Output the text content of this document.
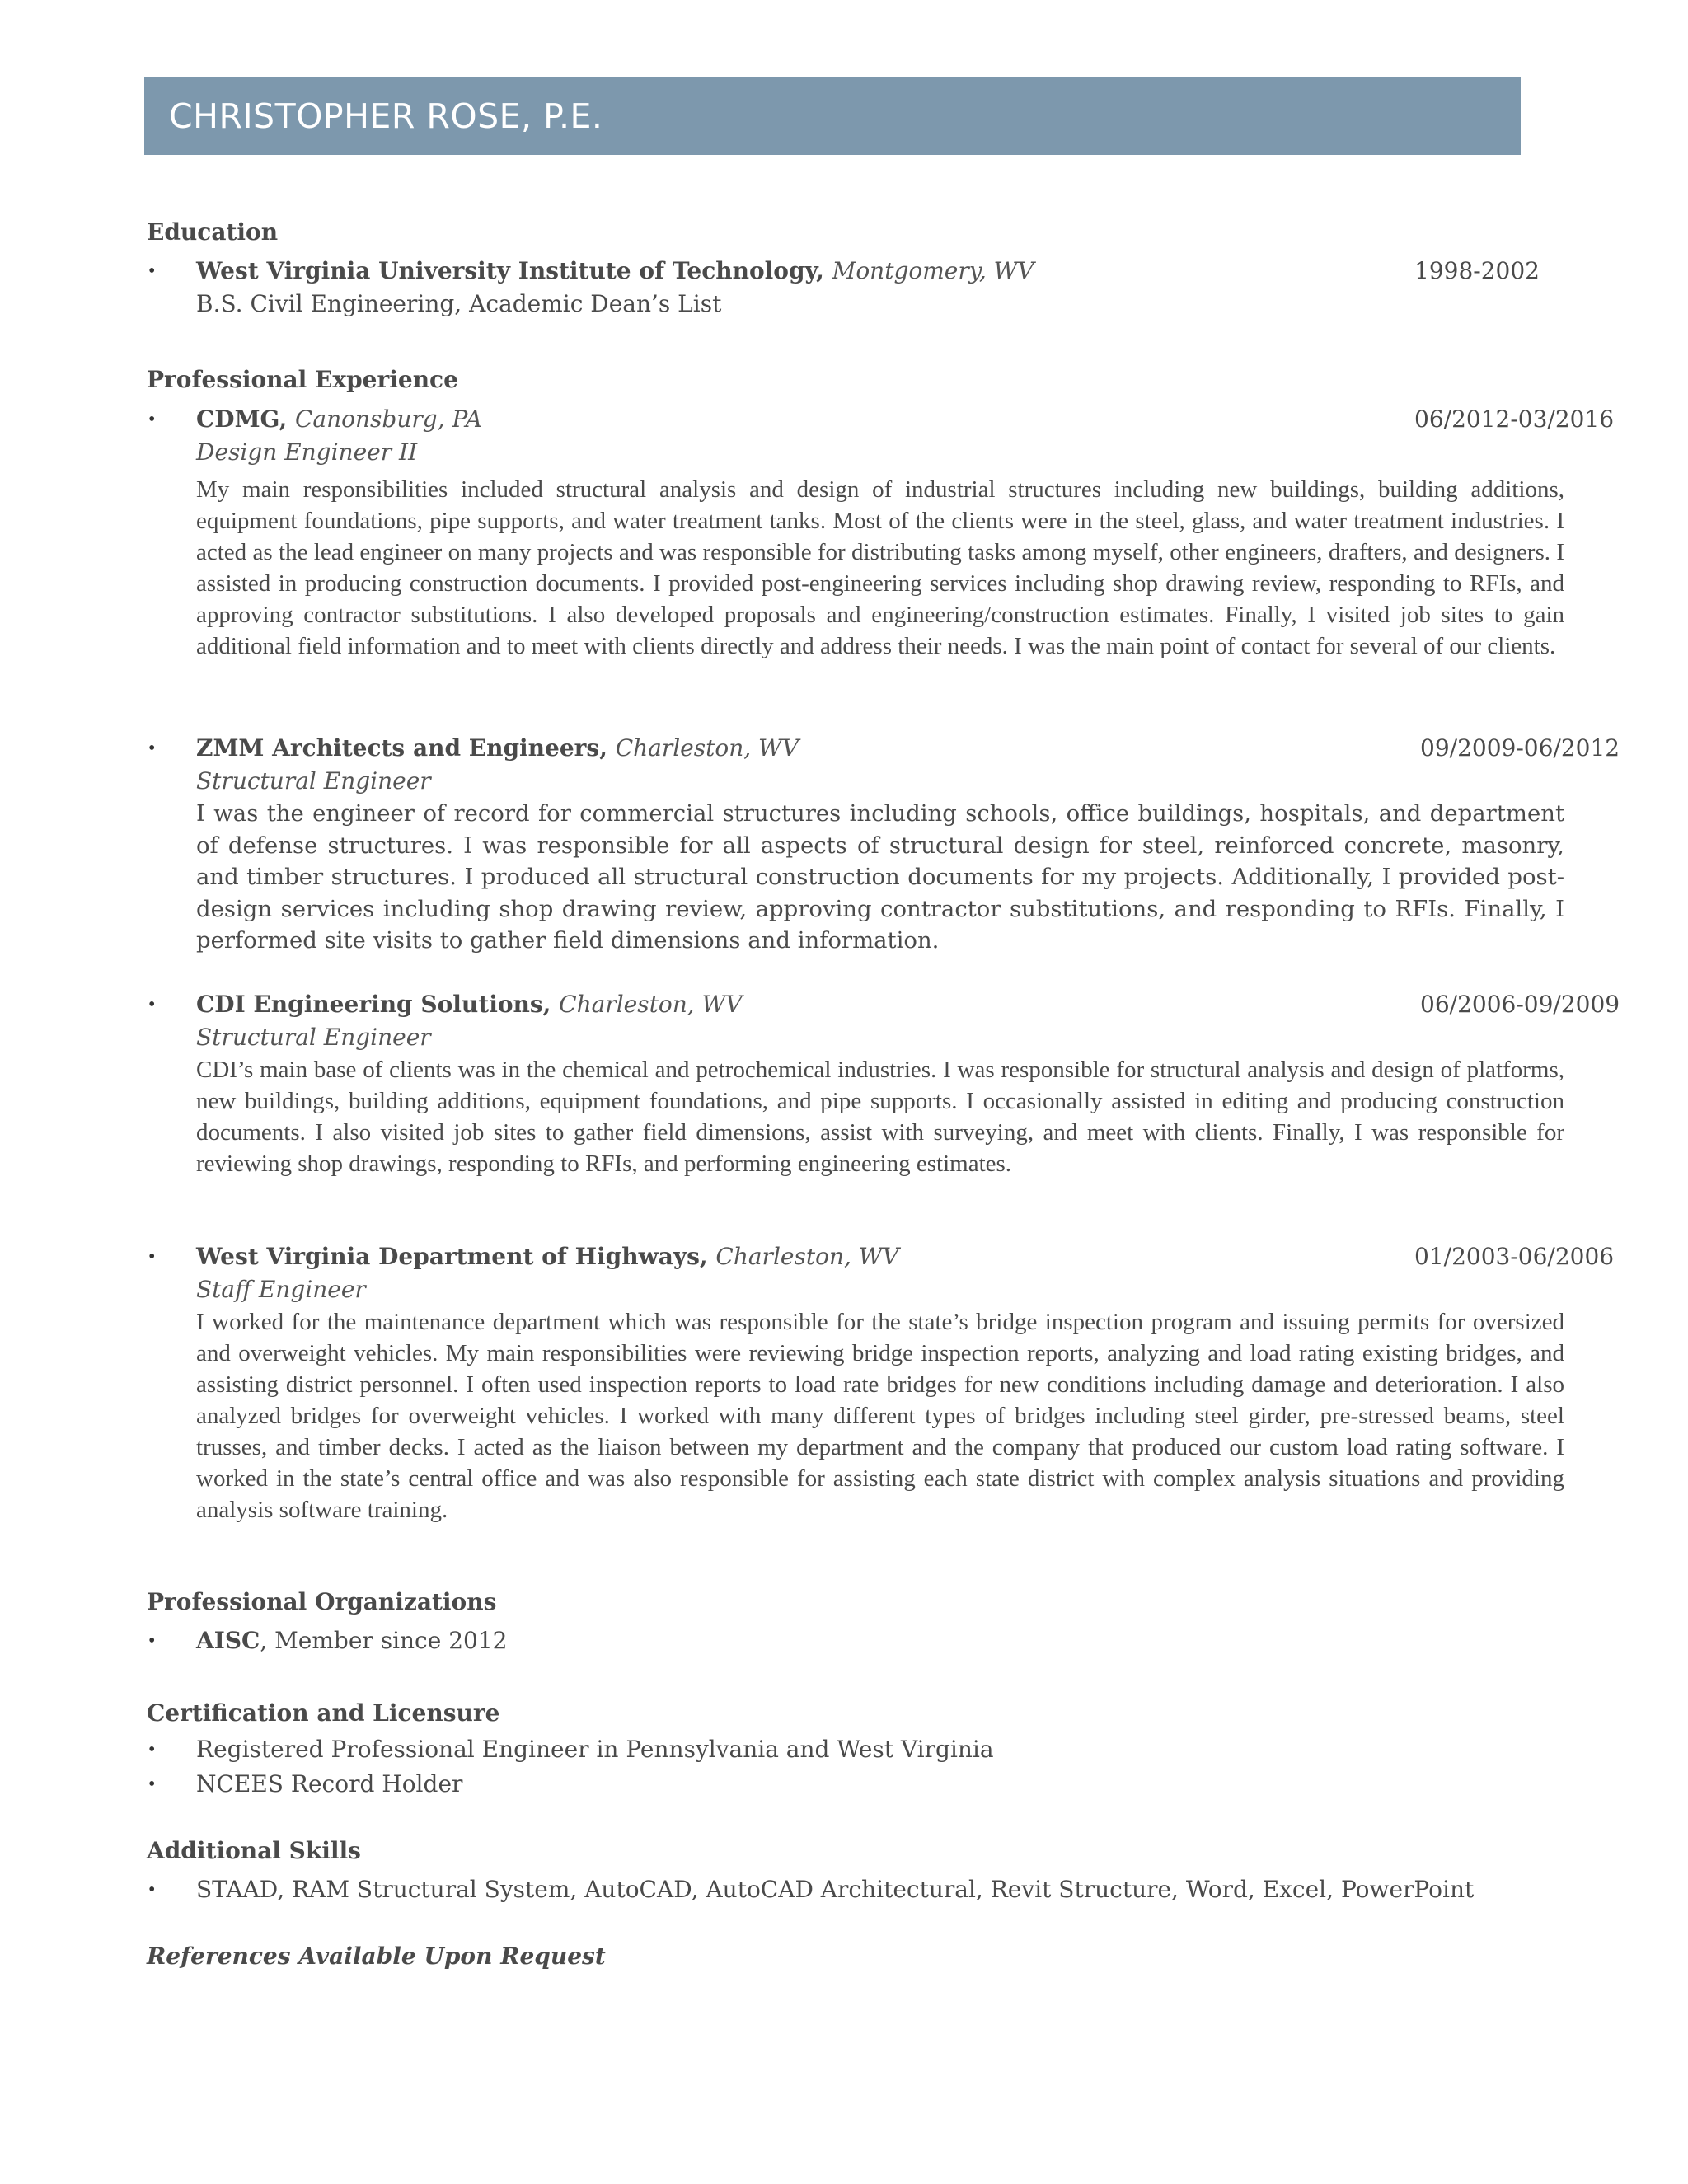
CHRISTOPHER ROSE, P.E.
Education
• West Virginia University Institute of Technology, Montgomery, WV	1998-2002
B.S. Civil Engineering, Academic Dean’s List
Professional Experience
• CDMG, Canonsburg, PA	06/2012-03/2016
Design Engineer II

My main responsibilities included structural analysis and design of industrial structures including new buildings, building additions, equipment foundations, pipe supports, and water treatment tanks. Most of the clients were in the steel, glass, and water treatment industries. I acted as the lead engineer on many projects and was responsible for distributing tasks among myself, other engineers, drafters, and designers. I assisted in producing construction documents. I provided post-engineering services including shop drawing review, responding to RFIs, and approving contractor substitutions. I also developed proposals and engineering/construction estimates. Finally, I visited job sites to gain additional field information and to meet with clients directly and address their needs. I was the main point of contact for several of our clients.

• ZMM Architects and Engineers, Charleston, WV	09/2009-06/2012
Structural Engineer

I was the engineer of record for commercial structures including schools, office buildings, hospitals, and department of defense structures. I was responsible for all aspects of structural design for steel, reinforced concrete, masonry, and timber structures. I produced all structural construction documents for my projects. Additionally, I provided post-design services including shop drawing review, approving contractor substitutions, and responding to RFIs. Finally, I performed site visits to gather field dimensions and information.

• CDI Engineering Solutions, Charleston, WV	06/2006-09/2009
Structural Engineer

CDI’s main base of clients was in the chemical and petrochemical industries. I was responsible for structural analysis and design of platforms, new buildings, building additions, equipment foundations, and pipe supports. I occasionally assisted in editing and producing construction documents. I also visited job sites to gather field dimensions, assist with surveying, and meet with clients. Finally, I was responsible for reviewing shop drawings, responding to RFIs, and performing engineering estimates.

• West Virginia Department of Highways, Charleston, WV	01/2003-06/2006
Staff Engineer

I worked for the maintenance department which was responsible for the state’s bridge inspection program and issuing permits for oversized and overweight vehicles. My main responsibilities were reviewing bridge inspection reports, analyzing and load rating existing bridges, and assisting district personnel. I often used inspection reports to load rate bridges for new conditions including damage and deterioration. I also analyzed bridges for overweight vehicles. I worked with many different types of bridges including steel girder, pre-stressed beams, steel trusses, and timber decks. I acted as the liaison between my department and the company that produced our custom load rating software. I worked in the state’s central office and was also responsible for assisting each state district with complex analysis situations and providing analysis software training.

Professional Organizations
• AISC, Member since 2012
Certification and Licensure
• Registered Professional Engineer in Pennsylvania and West Virginia
• NCEES Record Holder
Additional Skills
• STAAD, RAM Structural System, AutoCAD, AutoCAD Architectural, Revit Structure, Word, Excel, PowerPoint
References Available Upon Request
